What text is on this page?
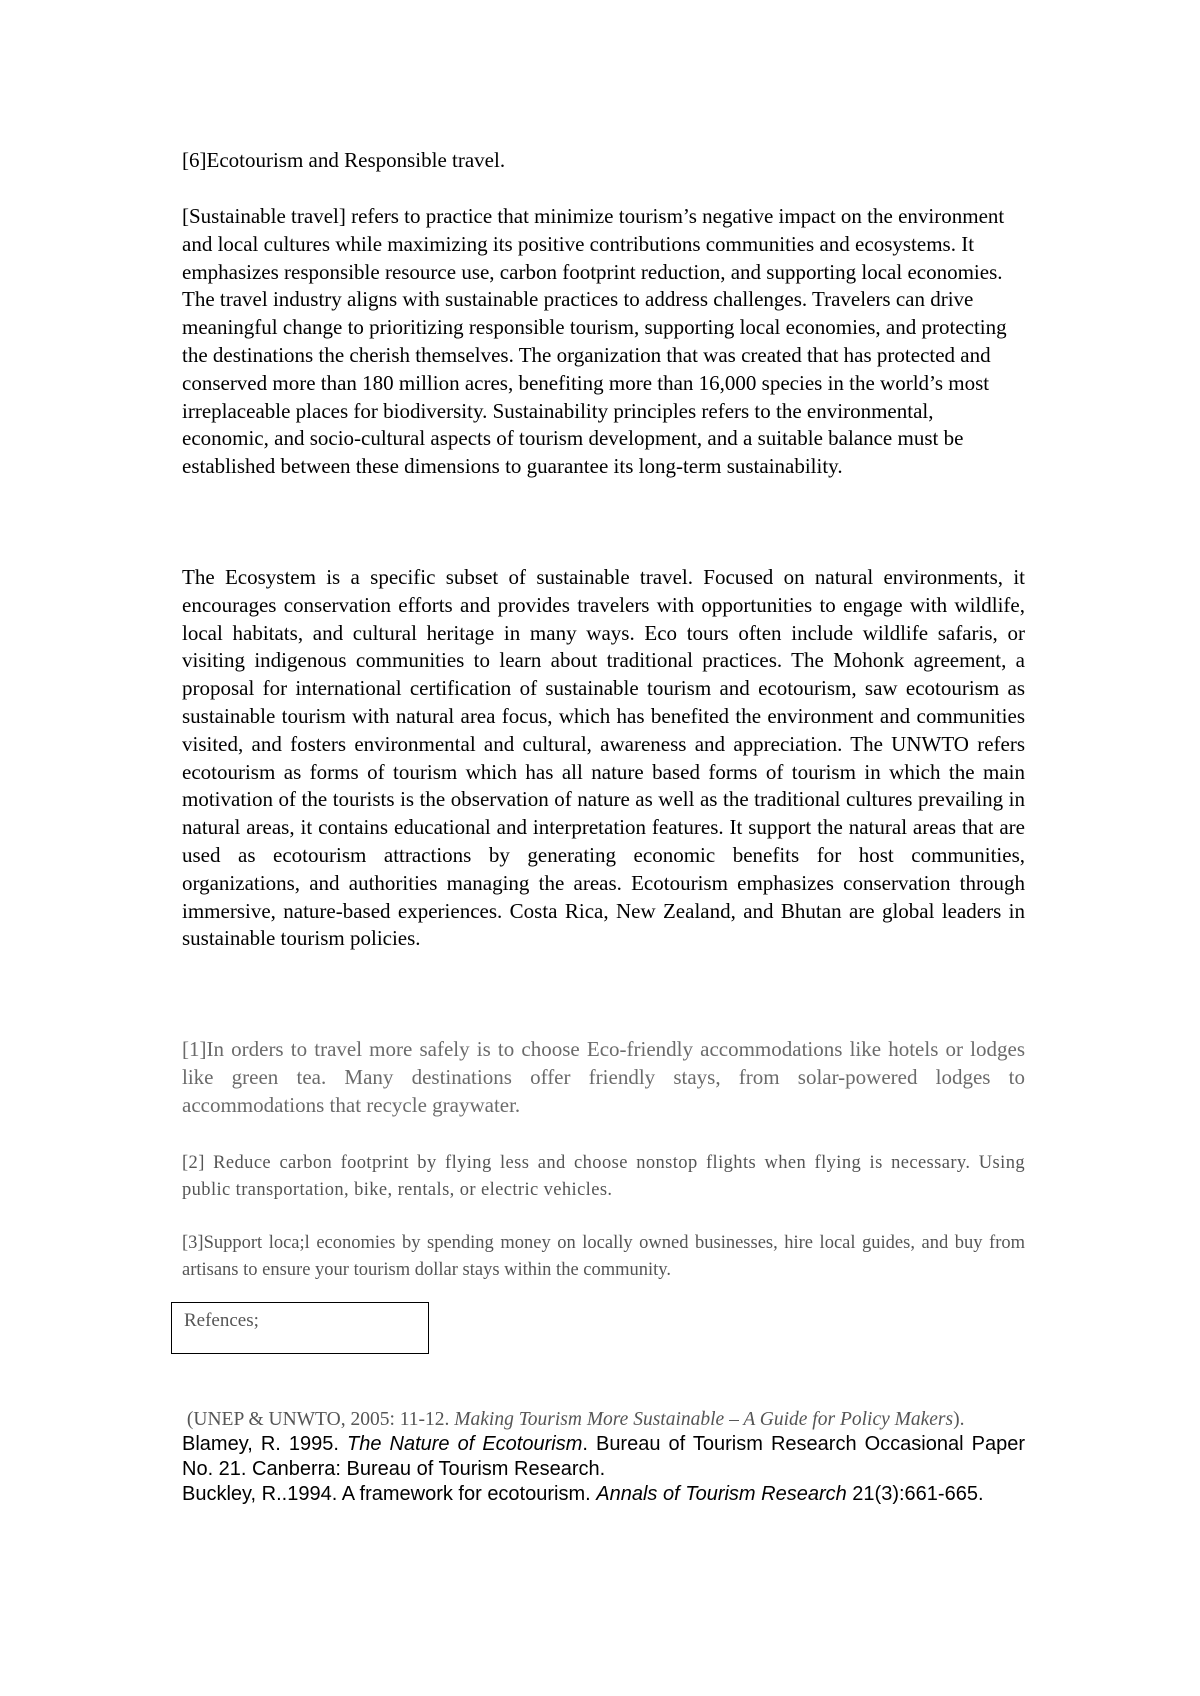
[6]Ecotourism and Responsible travel.

[Sustainable travel] refers to practice that minimize tourism’s negative impact on the environment and local cultures while maximizing its positive contributions communities and ecosystems. It emphasizes responsible resource use, carbon footprint reduction, and supporting local economies. The travel industry aligns with sustainable practices to address challenges. Travelers can drive meaningful change to prioritizing responsible tourism, supporting local economies, and protecting the destinations the cherish themselves. The organization that was created that has protected and conserved more than 180 million acres, benefiting more than 16,000 species in the world’s most irreplaceable places for biodiversity. Sustainability principles refers to the environmental, economic, and socio-cultural aspects of tourism development, and a suitable balance must be established between these dimensions to guarantee its long-term sustainability.

The Ecosystem is a specific subset of sustainable travel. Focused on natural environments, it encourages conservation efforts and provides travelers with opportunities to engage with wildlife, local habitats, and cultural heritage in many ways. Eco tours often include wildlife safaris, or visiting indigenous communities to learn about traditional practices. The Mohonk agreement, a proposal for international certification of sustainable tourism and ecotourism, saw ecotourism as sustainable tourism with natural area focus, which has benefited the environment and communities visited, and fosters environmental and cultural, awareness and appreciation. The UNWTO refers ecotourism as forms of tourism which has all nature based forms of tourism in which the main motivation of the tourists is the observation of nature as well as the traditional cultures prevailing in natural areas, it contains educational and interpretation features. It support the natural areas that are used as ecotourism attractions by generating economic benefits for host communities, organizations, and authorities managing the areas. Ecotourism emphasizes conservation through immersive, nature-based experiences. Costa Rica, New Zealand, and Bhutan are global leaders in sustainable tourism policies.

[1]In orders to travel more safely is to choose Eco-friendly accommodations like hotels or lodges like green tea. Many destinations offer friendly stays, from solar-powered lodges to accommodations that recycle graywater.

[2] Reduce carbon footprint by flying less and choose nonstop flights when flying is necessary. Using public transportation, bike, rentals, or electric vehicles.

[3]Support loca;l economies by spending money on locally owned businesses, hire local guides, and buy from artisans to ensure your tourism dollar stays within the community.

Refences;
(UNEP & UNWTO, 2005: 11-12. Making Tourism More Sustainable – A Guide for Policy Makers).
Blamey, R. 1995. The Nature of Ecotourism. Bureau of Tourism Research Occasional Paper No. 21. Canberra: Bureau of Tourism Research.
Buckley, R..1994. A framework for ecotourism. Annals of Tourism Research 21(3):661-665.
